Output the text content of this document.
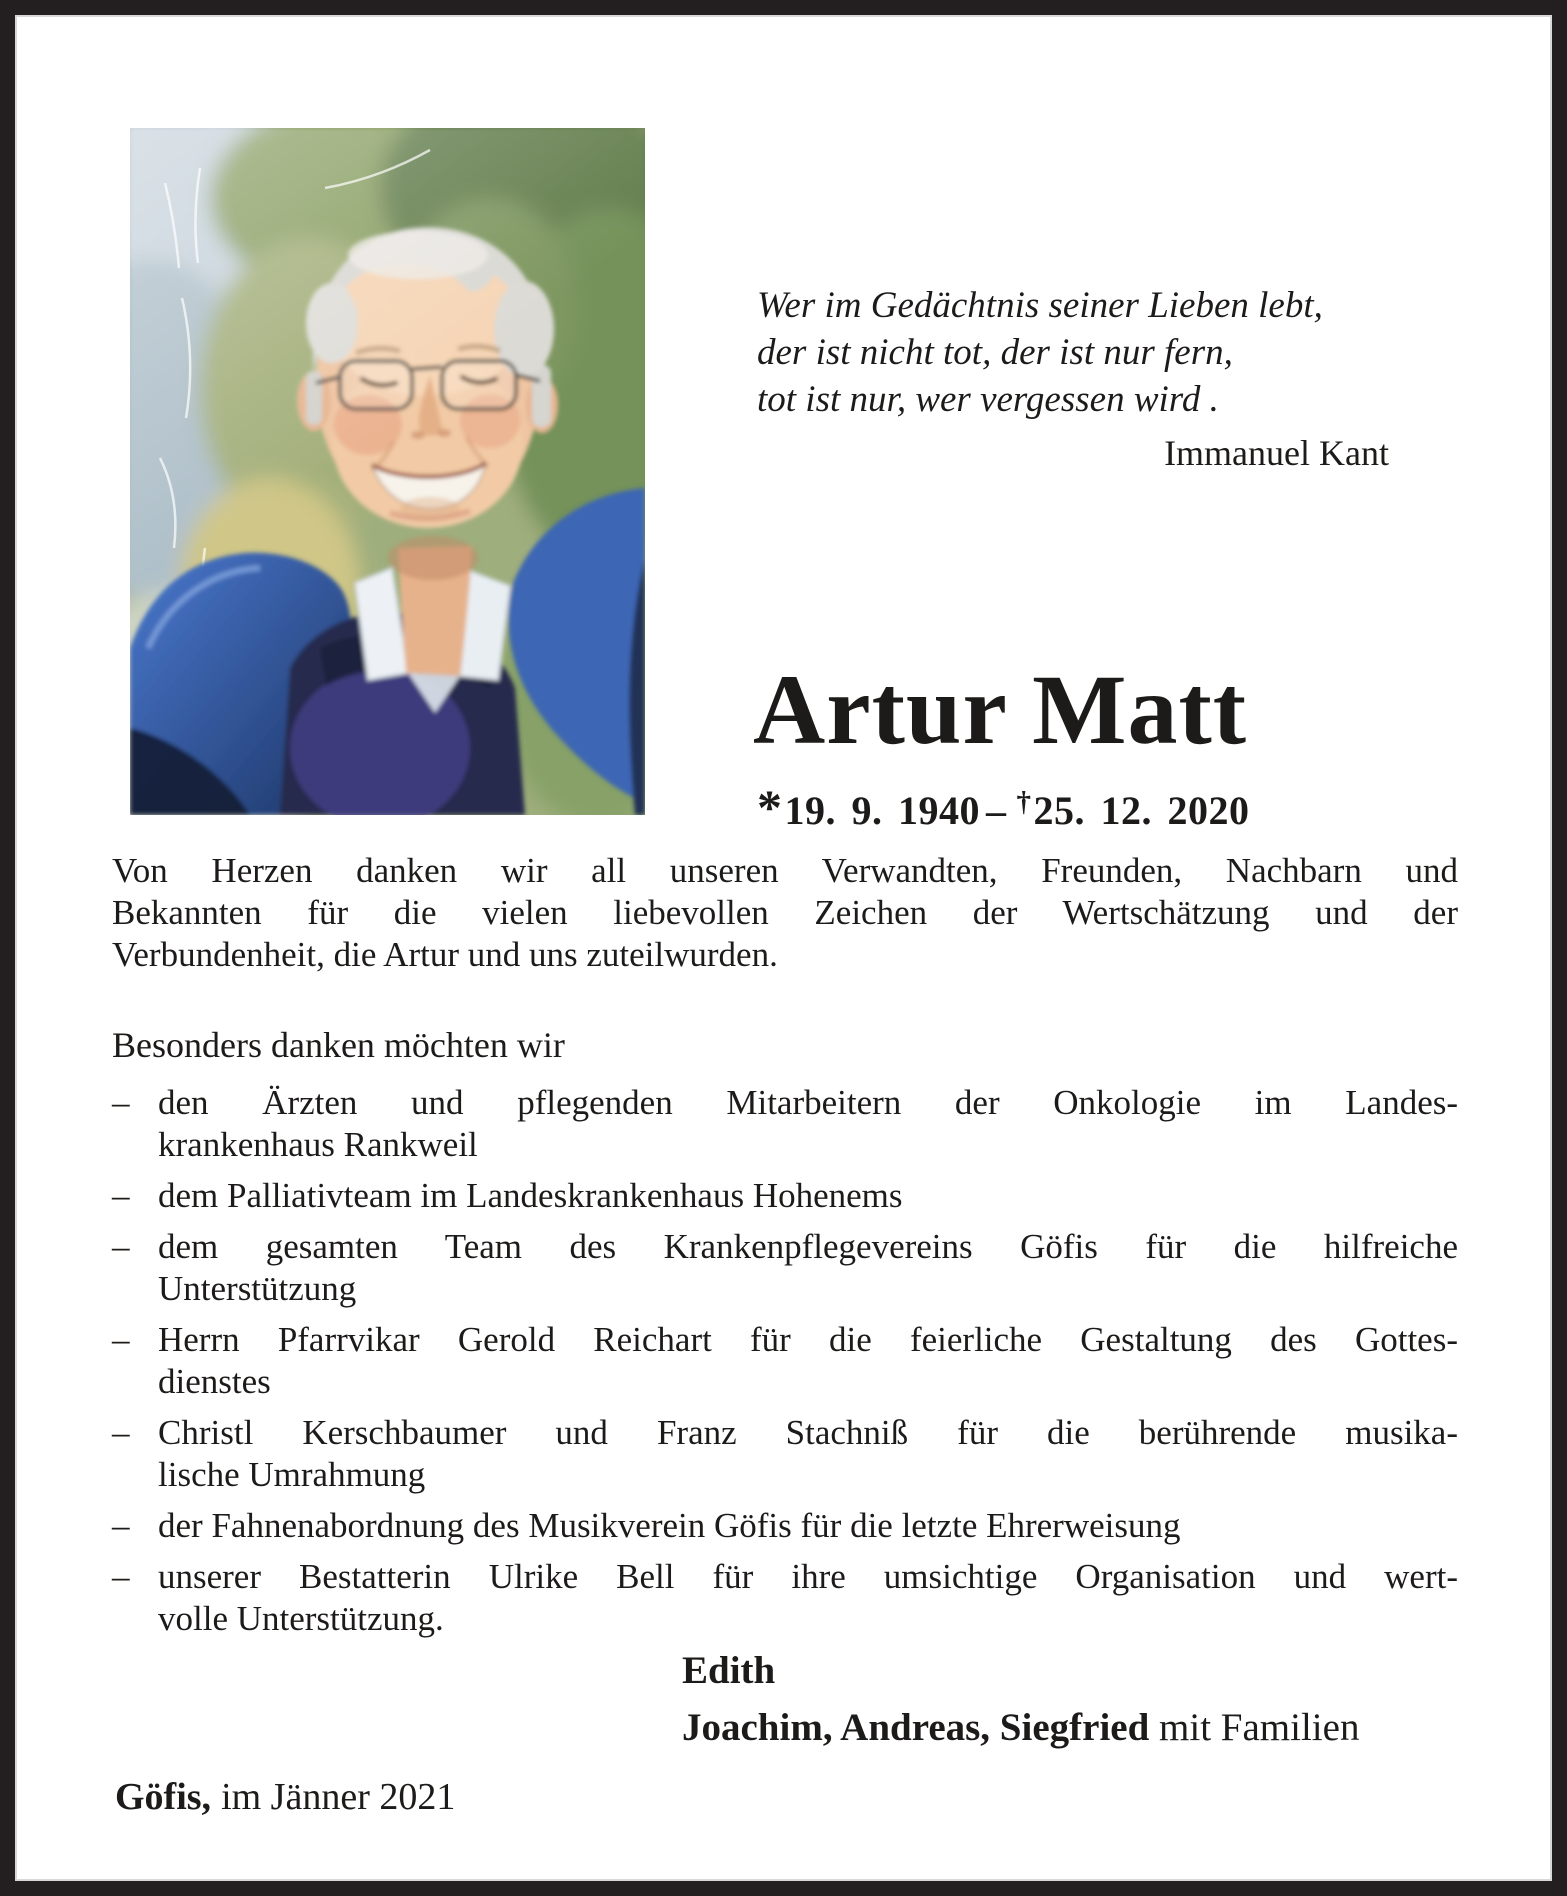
Wer im Gedächtnis seiner Lieben lebt,
der ist nicht tot, der ist nur fern,
tot ist nur, wer vergessen wird .
Immanuel Kant
Artur Matt
*19. 9. 1940 – †25. 12. 2020
Von Herzen danken wir all unseren Verwandten, Freunden, Nachbarn und
Bekannten für die vielen liebevollen Zeichen der Wertschätzung und der
Verbundenheit, die Artur und uns zuteilwurden.
Besonders danken möchten wir
– den Ärzten und pflegenden Mitarbeitern der Onkologie im Landes-
krankenhaus Rankweil
– dem Palliativteam im Landeskrankenhaus Hohenems
– dem gesamten Team des Krankenpflegevereins Göfis für die hilfreiche
Unterstützung
– Herrn Pfarrvikar Gerold Reichart für die feierliche Gestaltung des Gottes-
dienstes
– Christl Kerschbaumer und Franz Stachniß für die berührende musika-
lische Umrahmung
– der Fahnenabordnung des Musikverein Göfis für die letzte Ehrerweisung
– unserer Bestatterin Ulrike Bell für ihre umsichtige Organisation und wert-
volle Unterstützung.
Edith
Joachim, Andreas, Siegfried mit Familien
Göfis, im Jänner 2021
